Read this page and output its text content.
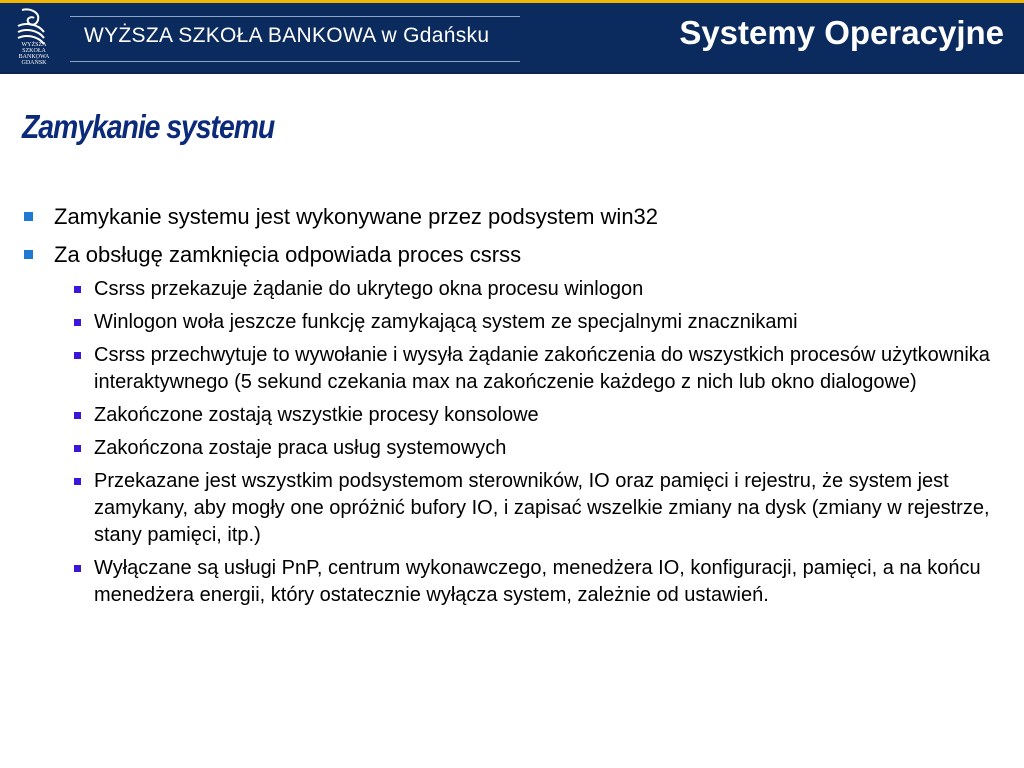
WYŻSZA SZKOŁA BANKOWA GDAŃSK
WYŻSZA SZKOŁA BANKOWA w Gdańsku	Systemy Operacyjne
Zamykanie systemu
Zamykanie systemu jest wykonywane przez podsystem win32
Za obsługę zamknięcia odpowiada proces csrss
Csrss przekazuje żądanie do ukrytego okna procesu winlogon
Winlogon woła jeszcze funkcję zamykającą system ze specjalnymi znacznikami
Csrss przechwytuje to wywołanie i wysyła żądanie zakończenia do wszystkich procesów użytkownika interaktywnego (5 sekund czekania max na zakończenie każdego z nich lub okno dialogowe)
Zakończone zostają wszystkie procesy konsolowe
Zakończona zostaje praca usług systemowych
Przekazane jest wszystkim podsystemom sterowników, IO oraz pamięci i rejestru, że system jest zamykany, aby mogły one opróżnić bufory IO, i zapisać wszelkie zmiany na dysk (zmiany w rejestrze, stany pamięci, itp.)
Wyłączane są usługi PnP, centrum wykonawczego, menedżera IO, konfiguracji, pamięci, a na końcu menedżera energii, który ostatecznie wyłącza system, zależnie od ustawień.
